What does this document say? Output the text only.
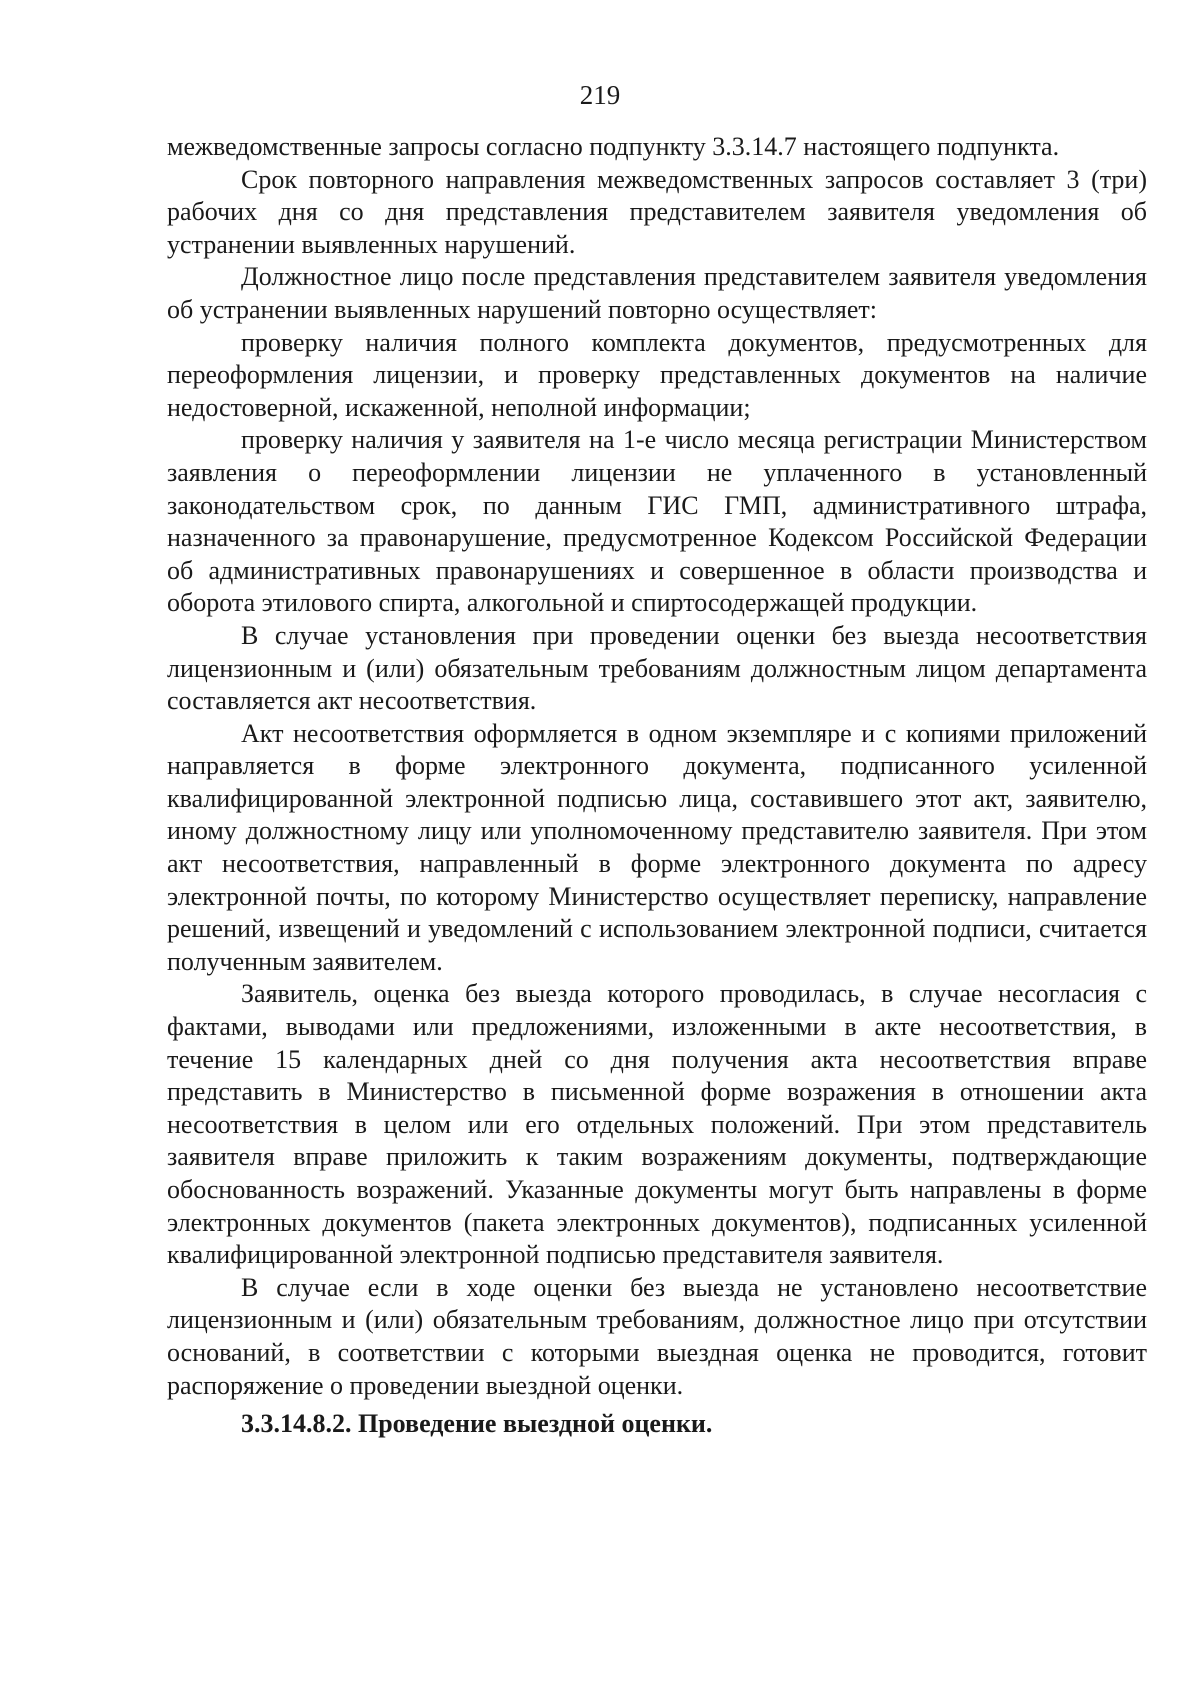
219

межведомственные запросы согласно подпункту 3.3.14.7 настоящего подпункта.

Срок повторного направления межведомственных запросов составляет 3 (три) рабочих дня со дня представления представителем заявителя уведомления об устранении выявленных нарушений.

Должностное лицо после представления представителем заявителя уведомления об устранении выявленных нарушений повторно осуществляет:

проверку наличия полного комплекта документов, предусмотренных для переоформления лицензии, и проверку представленных документов на наличие недостоверной, искаженной, неполной информации;

проверку наличия у заявителя на 1-е число месяца регистрации Министерством заявления о переоформлении лицензии не уплаченного в установленный законодательством срок, по данным ГИС ГМП, административного штрафа, назначенного за правонарушение, предусмотренное Кодексом Российской Федерации об административных правонарушениях и совершенное в области производства и оборота этилового спирта, алкогольной и спиртосодержащей продукции.

В случае установления при проведении оценки без выезда несоответствия лицензионным и (или) обязательным требованиям должностным лицом департамента составляется акт несоответствия.

Акт несоответствия оформляется в одном экземпляре и с копиями приложений направляется в форме электронного документа, подписанного усиленной квалифицированной электронной подписью лица, составившего этот акт, заявителю, иному должностному лицу или уполномоченному представителю заявителя. При этом акт несоответствия, направленный в форме электронного документа по адресу электронной почты, по которому Министерство осуществляет переписку, направление решений, извещений и уведомлений с использованием электронной подписи, считается полученным заявителем.

Заявитель, оценка без выезда которого проводилась, в случае несогласия с фактами, выводами или предложениями, изложенными в акте несоответствия, в течение 15 календарных дней со дня получения акта несоответствия вправе представить в Министерство в письменной форме возражения в отношении акта несоответствия в целом или его отдельных положений. При этом представитель заявителя вправе приложить к таким возражениям документы, подтверждающие обоснованность возражений. Указанные документы могут быть направлены в форме электронных документов (пакета электронных документов), подписанных усиленной квалифицированной электронной подписью представителя заявителя.

В случае если в ходе оценки без выезда не установлено несоответствие лицензионным и (или) обязательным требованиям, должностное лицо при отсутствии оснований, в соответствии с которыми выездная оценка не проводится, готовит распоряжение о проведении выездной оценки.

3.3.14.8.2. Проведение выездной оценки.
